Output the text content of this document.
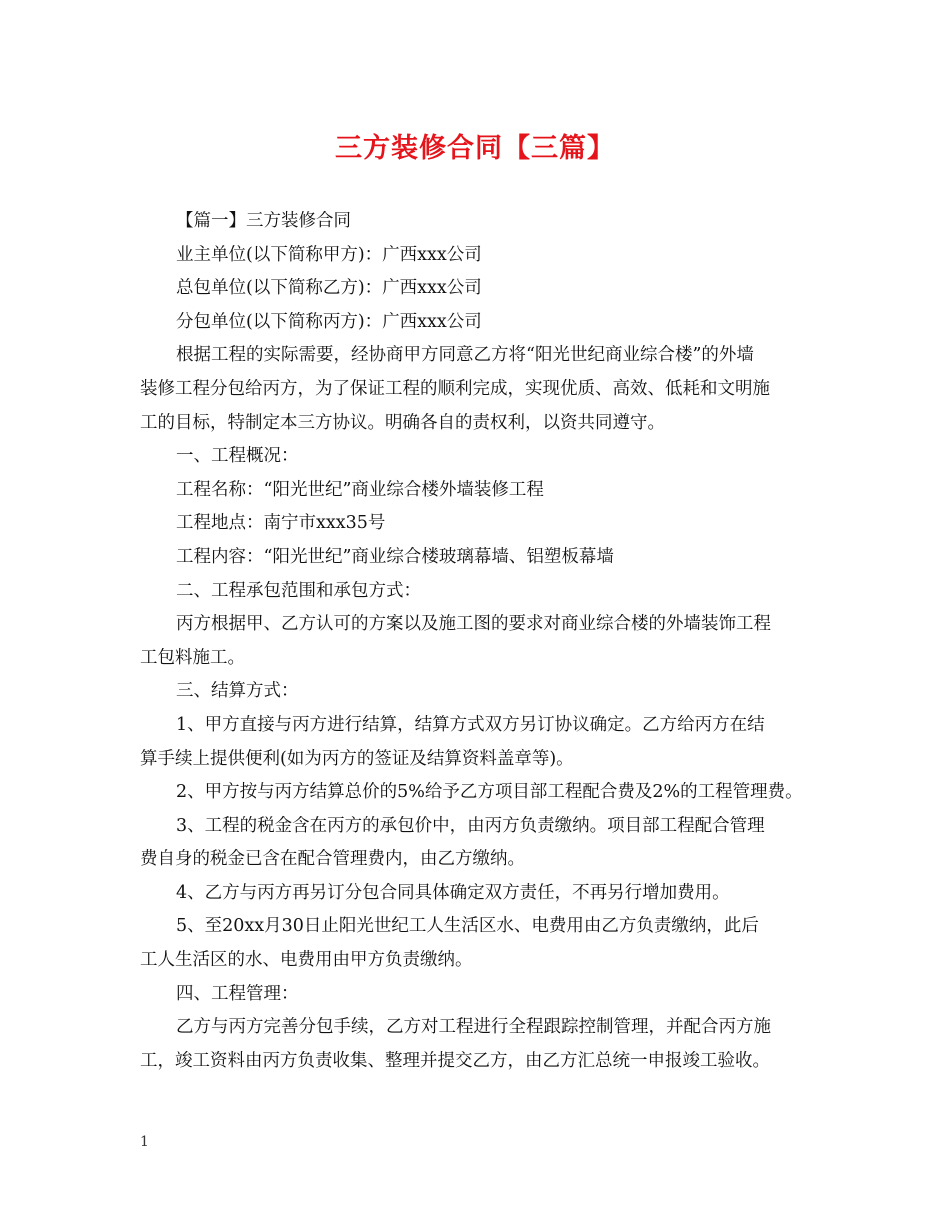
三方装修合同【三篇】

【篇一】三方装修合同

业主单位(以下简称甲方)：广西xxx公司

总包单位(以下简称乙方)：广西xxx公司

分包单位(以下简称丙方)：广西xxx公司

根据工程的实际需要，经协商甲方同意乙方将“阳光世纪商业综合楼”的外墙

装修工程分包给丙方，为了保证工程的顺利完成，实现优质、高效、低耗和文明施

工的目标，特制定本三方协议。明确各自的责权利，以资共同遵守。

一、工程概况：

工程名称：“阳光世纪”商业综合楼外墙装修工程

工程地点：南宁市xxx35号

工程内容：“阳光世纪”商业综合楼玻璃幕墙、铝塑板幕墙

二、工程承包范围和承包方式：

丙方根据甲、乙方认可的方案以及施工图的要求对商业综合楼的外墙装饰工程

工包料施工。

三、结算方式：

1、甲方直接与丙方进行结算，结算方式双方另订协议确定。乙方给丙方在结

算手续上提供便利(如为丙方的签证及结算资料盖章等)。

2、甲方按与丙方结算总价的5%给予乙方项目部工程配合费及2%的工程管理费。

3、工程的税金含在丙方的承包价中，由丙方负责缴纳。项目部工程配合管理

费自身的税金已含在配合管理费内，由乙方缴纳。

4、乙方与丙方再另订分包合同具体确定双方责任，不再另行增加费用。

5、至20xx月30日止阳光世纪工人生活区水、电费用由乙方负责缴纳，此后

工人生活区的水、电费用由甲方负责缴纳。

四、工程管理：

乙方与丙方完善分包手续，乙方对工程进行全程跟踪控制管理，并配合丙方施

工，竣工资料由丙方负责收集、整理并提交乙方，由乙方汇总统一申报竣工验收。

1
